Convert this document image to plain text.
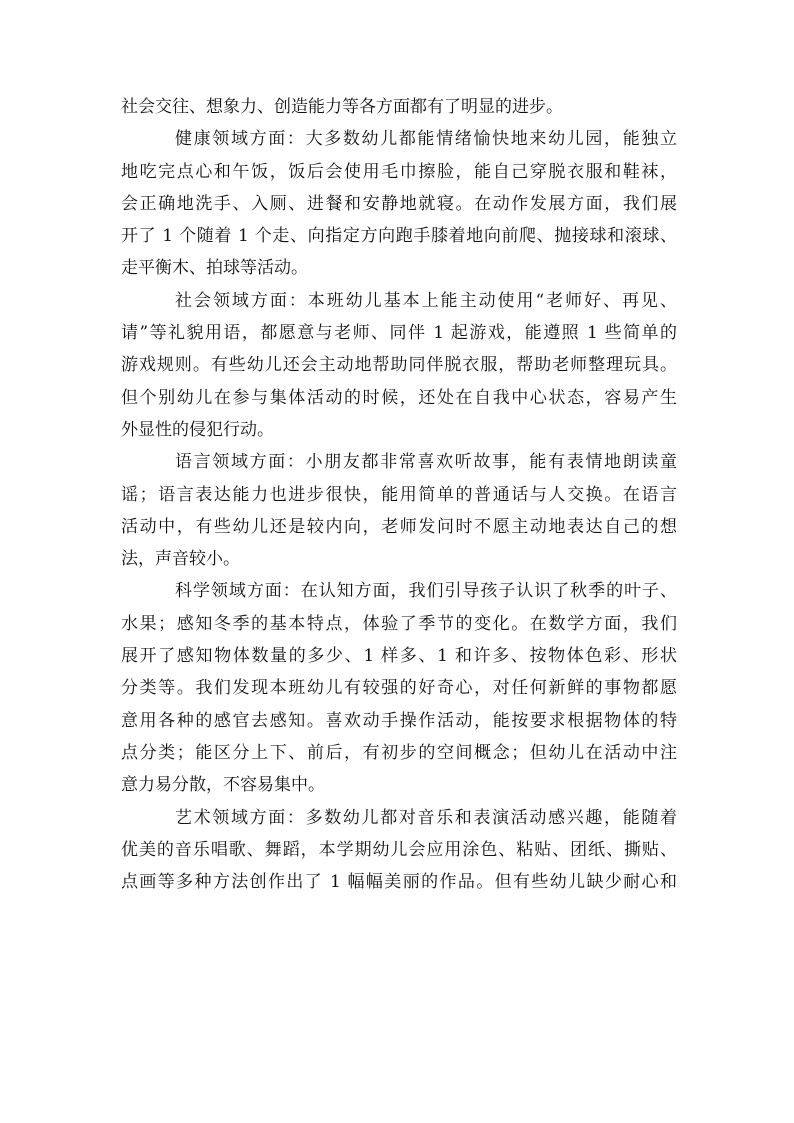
社会交往、想象力、创造能力等各方面都有了明显的进步。
健康领域方面：大多数幼儿都能情绪愉快地来幼儿园，能独立
地吃完点心和午饭，饭后会使用毛巾擦脸，能自己穿脱衣服和鞋袜，
会正确地洗手、入厕、进餐和安静地就寝。在动作发展方面，我们展
开了 1 个随着 1 个走、向指定方向跑手膝着地向前爬、抛接球和滚球、
走平衡木、拍球等活动。
社会领域方面：本班幼儿基本上能主动使用“老师好、再见、
请”等礼貌用语，都愿意与老师、同伴 1 起游戏，能遵照 1 些简单的
游戏规则。有些幼儿还会主动地帮助同伴脱衣服，帮助老师整理玩具。
但个别幼儿在参与集体活动的时候，还处在自我中心状态，容易产生
外显性的侵犯行动。
语言领域方面：小朋友都非常喜欢听故事，能有表情地朗读童
谣；语言表达能力也进步很快，能用简单的普通话与人交换。在语言
活动中，有些幼儿还是较内向，老师发问时不愿主动地表达自己的想
法，声音较小。
科学领域方面：在认知方面，我们引导孩子认识了秋季的叶子、
水果；感知冬季的基本特点，体验了季节的变化。在数学方面，我们
展开了感知物体数量的多少、1 样多、1 和许多、按物体色彩、形状
分类等。我们发现本班幼儿有较强的好奇心，对任何新鲜的事物都愿
意用各种的感官去感知。喜欢动手操作活动，能按要求根据物体的特
点分类；能区分上下、前后，有初步的空间概念；但幼儿在活动中注
意力易分散，不容易集中。
艺术领域方面：多数幼儿都对音乐和表演活动感兴趣，能随着
优美的音乐唱歌、舞蹈，本学期幼儿会应用涂色、粘贴、团纸、撕贴、
点画等多种方法创作出了 1 幅幅美丽的作品。但有些幼儿缺少耐心和
